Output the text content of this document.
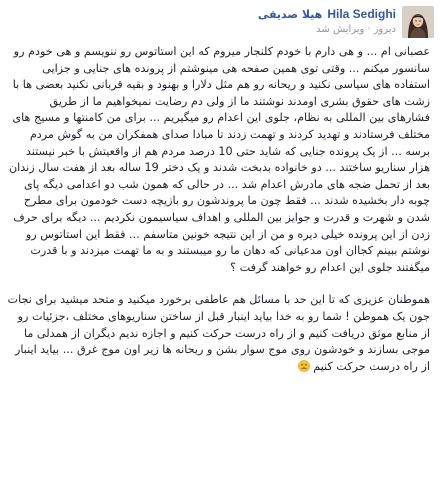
Hila Sedighi
هیلا صدیقی
دیروز
·
ویرایش شد

عصبانی ام ... و هی دارم با خودم کلنجار میروم که این استاتوس رو ننویسم و هی خودم رو سانسور میکنم ... وقتی توی همین صفحه هی مینوشتم از پرونده های جنایی و جزایی استفاده های سیاسی نکنید و ریحانه رو هم مثل دلارا و بهنود و بقیه قربانی نکنید بعضی ها با زشت های حقوق بشری اومدند نوشتند ما از ولی دم رضایت نمیخواهیم ما از طریق فشارهای بین المللی به نظام، جلوی این اعدام رو میگیریم ... برای من کامنتها و مسیج های مختلف فرستادند و تهدید کردند و تهمت زدند تا مبادا صدای همفکران من به گوش مردم برسه ... از یک پرونده جنایی که شاید حتی 10 درصد مردم هم از واقعیتش با خبر نیستند هزار سناریو ساختند ... دو خانواده بدبخت شدند و یک دختر 19 ساله بعد از هفت سال زندان بعد از تحمل ضجه های مادرش اعدام شد ... در حالی که همون شب دو اعدامی دیگه پای چوبه دار بخشیده شدند ... فقط چون ما پروندشون رو بازیچه دست خودمون برای مطرح شدن و شهرت و قدرت و جوایز بین المللی و اهداف سیاسیمون نکردیم ... دیگه برای حرف زدن از این پرونده خیلی دیره و من از این نتیجه خونین متاسفم ... فقط این استاتوس رو نوشتم ببینم کجاان اون مدعیانی که دهان ما رو میبستند و به ما تهمت میزدند و با قدرت میگفتند جلوی این اعدام رو خواهند گرفت ؟

هموطنان عزیزی که تا این حد با مسائل هم عاطفی برخورد میکنید و متحد میشید برای نجات جون یک هموطن ! شما رو به خدا بیاید اینبار قبل از ساختن سناریوهای مختلف ،جزئیات رو از منابع موثق دریافت کنیم و از راه درست حرکت کنیم و اجازه ندیم دیگران از همدلی ما موجی بسازند و خودشون روی موج سوار بشن و ریحانه ها زیر اون موج غرق ... بیاید اینبار از راه درست حرکت کنیم
